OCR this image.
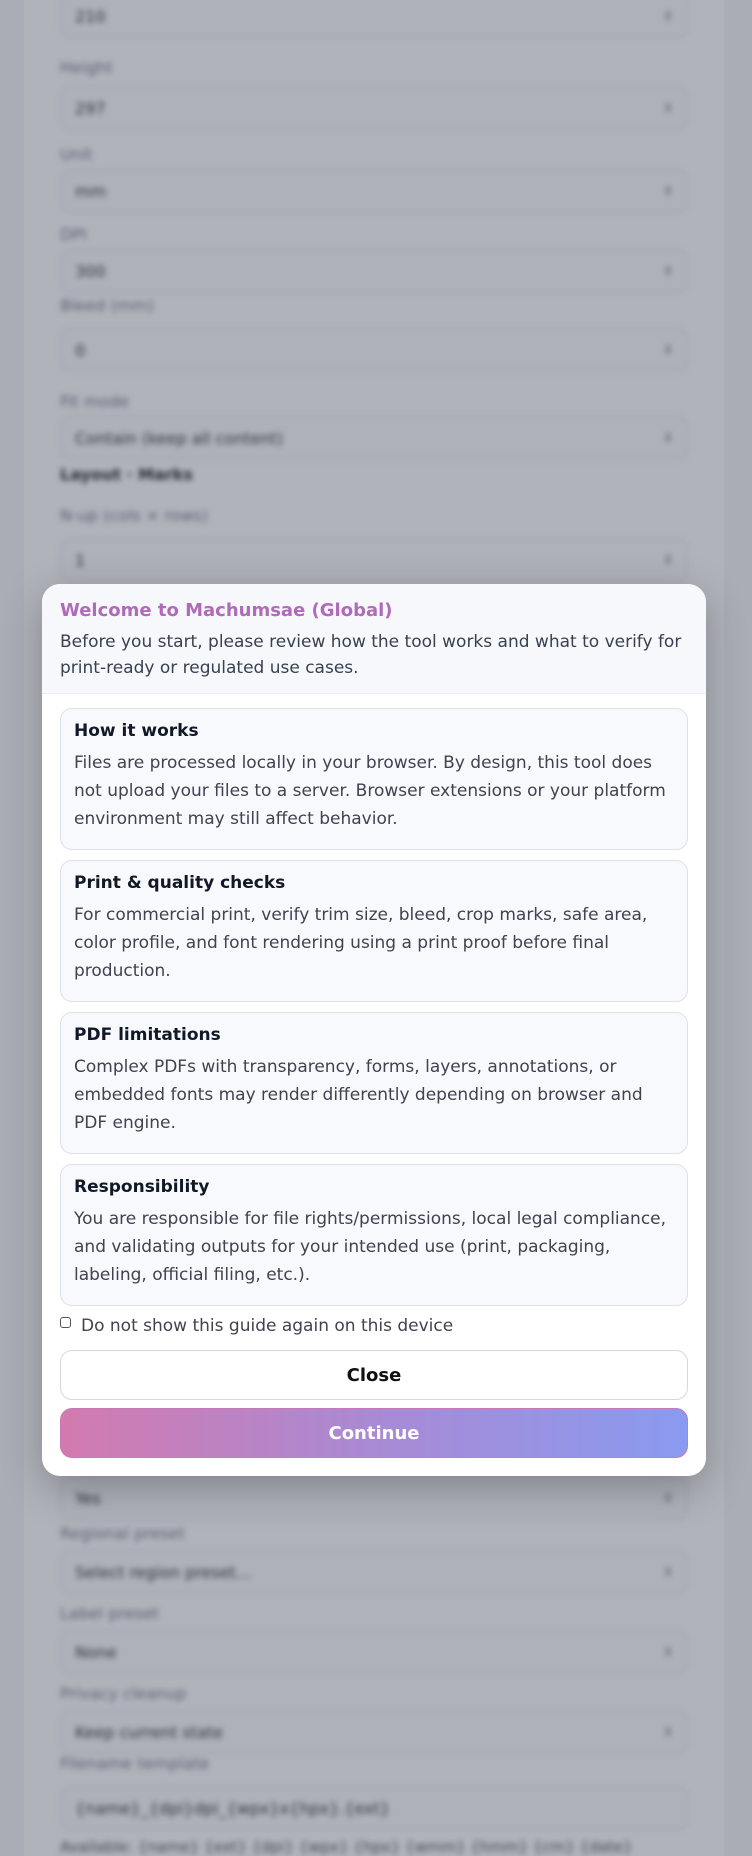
210	⇕
Height
297	⇕
Unit
mm	⇕
DPI
300	⇕
Bleed (mm)
0	⇕
Fit mode
Contain (keep all content)	⇕
Layout · Marks
N-up (cols × rows)
1	⇕
Yes	⇕
Regional preset
Select region preset...	⇕
Label preset
None	⇕
Privacy cleanup
Keep current state	⇕
Filename template
{name}_{dpi}dpi_{wpx}x{hpx}.{ext}
Available: {name} {ext} {dpi} {wpx} {hpx} {wmm} {hmm} {cm} {date}
Welcome to Machumsae (Global)
Before you start, please review how the tool works and what to verify for print-ready or regulated use cases.
How it works
Files are processed locally in your browser. By design, this tool does not upload your files to a server. Browser extensions or your platform environment may still affect behavior.
Print & quality checks
For commercial print, verify trim size, bleed, crop marks, safe area, color profile, and font rendering using a print proof before final production.
PDF limitations
Complex PDFs with transparency, forms, layers, annotations, or embedded fonts may render differently depending on browser and PDF engine.
Responsibility
You are responsible for file rights/permissions, local legal compliance, and validating outputs for your intended use (print, packaging, labeling, official filing, etc.).
Do not show this guide again on this device
Close
Continue
